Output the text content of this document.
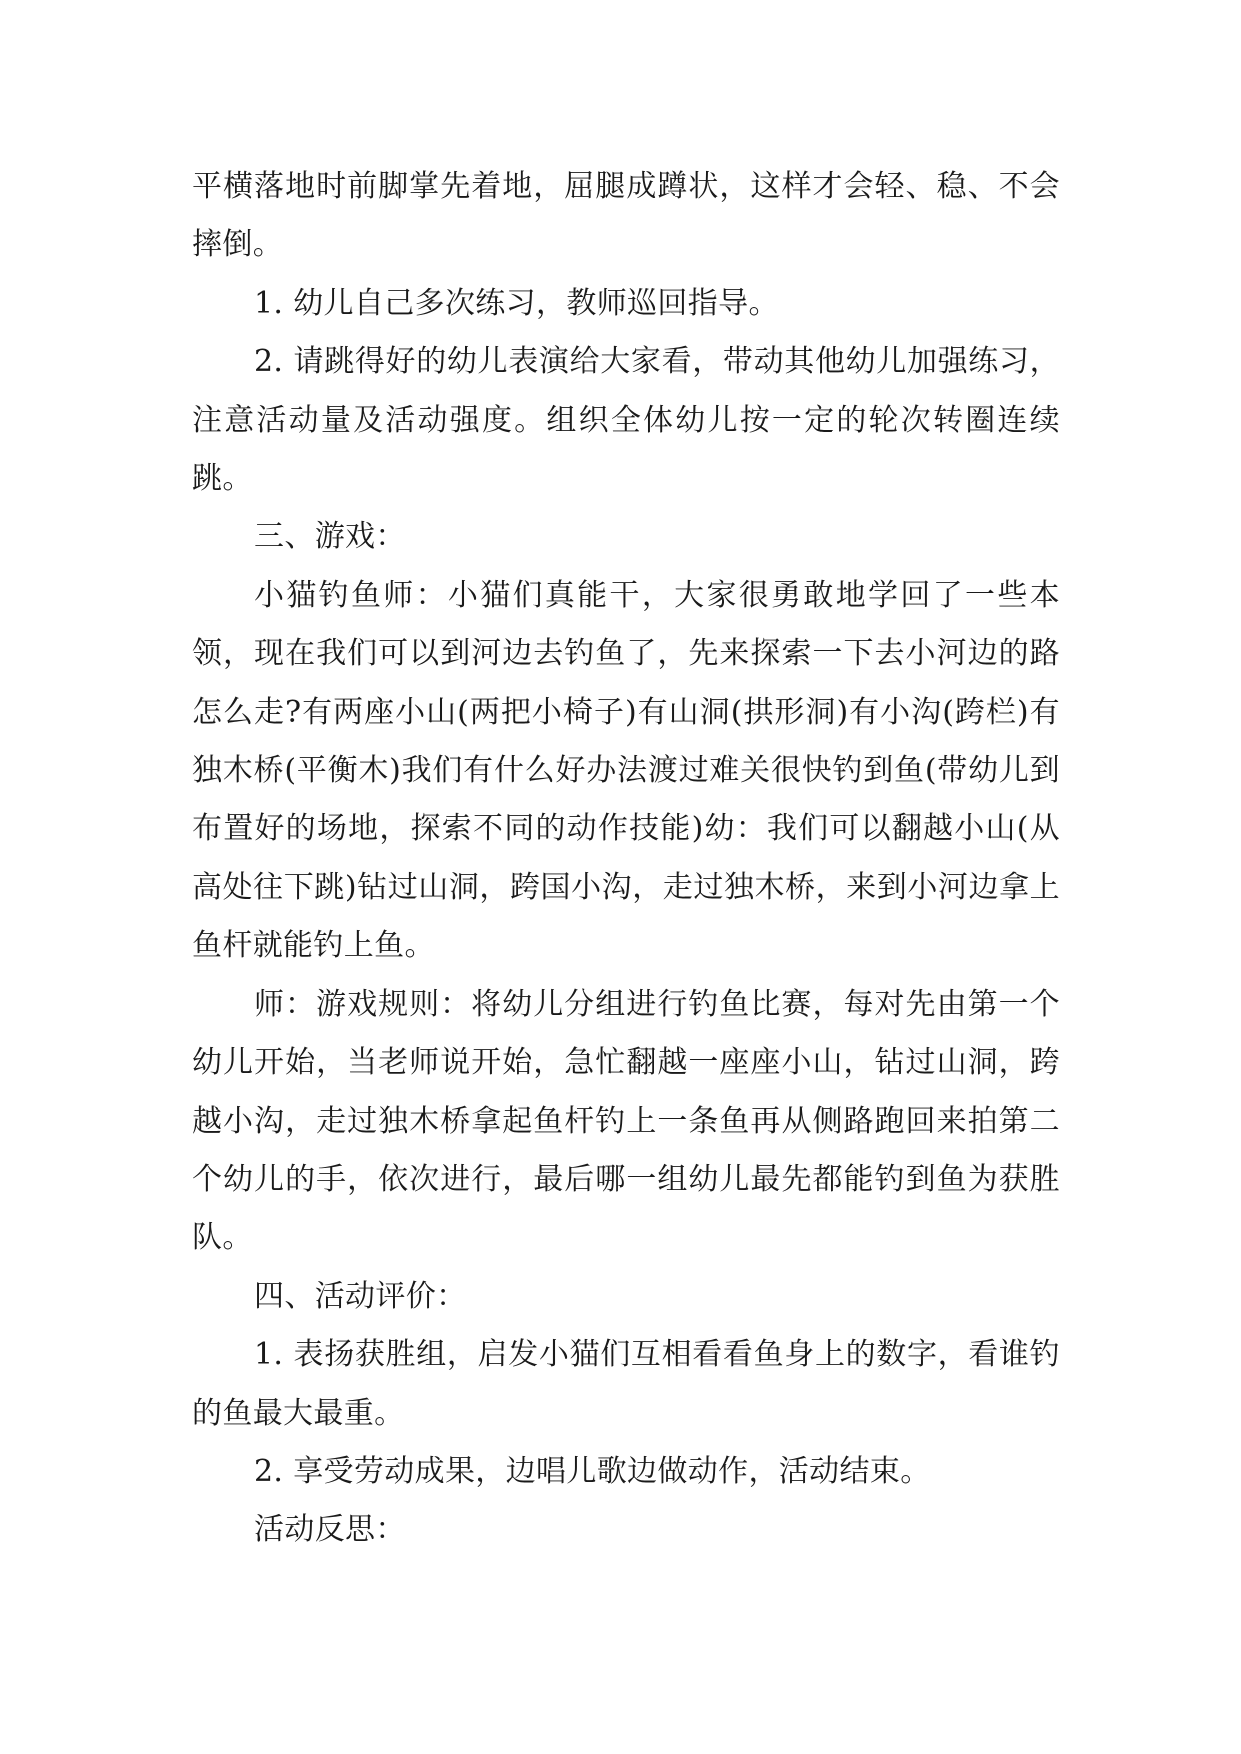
平横落地时前脚掌先着地，屈腿成蹲状，这样才会轻、稳、不会摔倒。

1. 幼儿自己多次练习，教师巡回指导。

2. 请跳得好的幼儿表演给大家看，带动其他幼儿加强练习，注意活动量及活动强度。组织全体幼儿按一定的轮次转圈连续跳。

三、游戏：

小猫钓鱼师：小猫们真能干，大家很勇敢地学回了一些本领，现在我们可以到河边去钓鱼了，先来探索一下去小河边的路怎么走?有两座小山(两把小椅子)有山洞(拱形洞)有小沟(跨栏)有独木桥(平衡木)我们有什么好办法渡过难关很快钓到鱼(带幼儿到布置好的场地，探索不同的动作技能)幼：我们可以翻越小山(从高处往下跳)钻过山洞，跨国小沟，走过独木桥，来到小河边拿上鱼杆就能钓上鱼。

师：游戏规则：将幼儿分组进行钓鱼比赛，每对先由第一个幼儿开始，当老师说开始，急忙翻越一座座小山，钻过山洞，跨越小沟，走过独木桥拿起鱼杆钓上一条鱼再从侧路跑回来拍第二个幼儿的手，依次进行，最后哪一组幼儿最先都能钓到鱼为获胜队。

四、活动评价：

1. 表扬获胜组，启发小猫们互相看看鱼身上的数字，看谁钓的鱼最大最重。

2. 享受劳动成果，边唱儿歌边做动作，活动结束。

活动反思：
